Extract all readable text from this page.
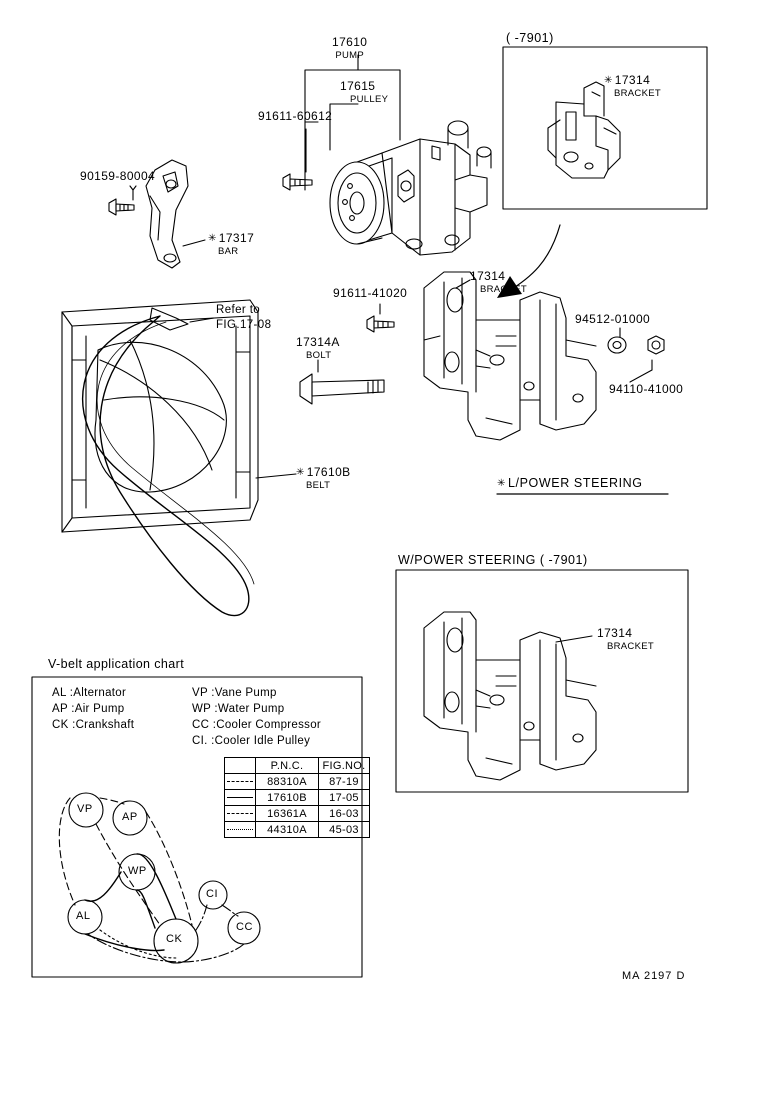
17610
PUMP
17615
PULLEY
91611-60612
90159-80004
✳ 17317
BAR
( -7901)
✳ 17314
BRACKET
17314
BRACKET
91611-41020
17314A
BOLT
94512-01000
94110-41000
✳ 17610B
BELT
Refer to
FIG.17-08
✳ L/POWER STEERING
W/POWER STEERING ( -7901)
17314
BRACKET
V-belt application chart
AL :Alternator
AP :Air Pump
CK :Crankshaft
VP :Vane Pump
WP :Water Pump
CC :Cooler Compressor
CI. :Cooler Idle Pulley
	P.N.C.	FIG.NO.

	88310A	87-19

	17610B	17-05

	16361A	16-03

	44310A	45-03
VP
AP
WP
CI
AL
CK
CC
MA 2197 D
